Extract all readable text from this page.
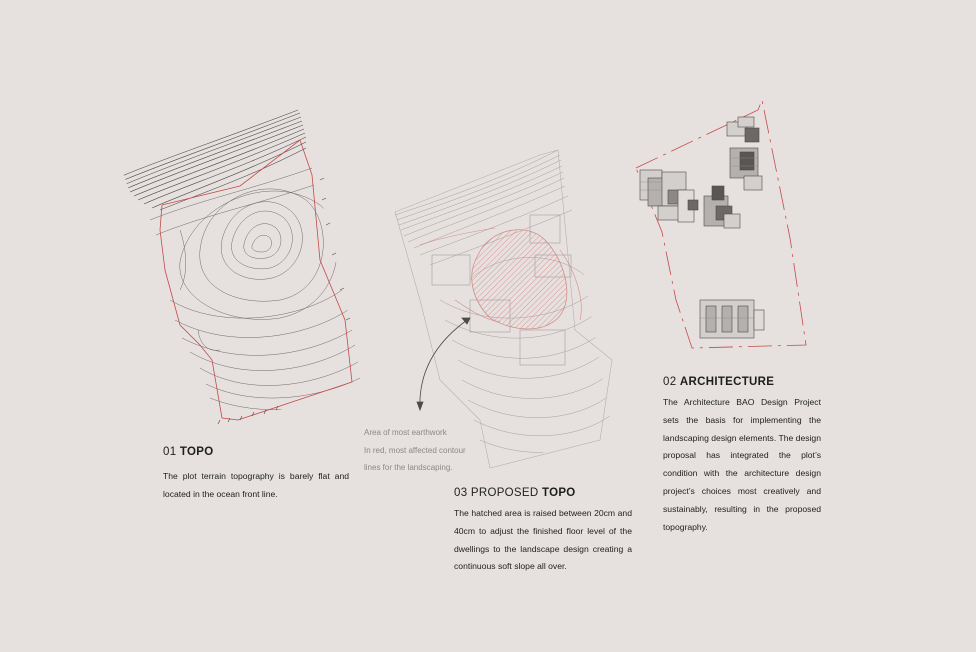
01 TOPO

The plot terrain topography is barely flat and located in the ocean front line.

Area of most earthwork

In red, most affected contour lines for the landscaping.

03 PROPOSED TOPO

The hatched area is raised between 20cm and 40cm to adjust the finished floor level of the dwellings to the landscape design creating a continuous soft slope all over.

02 ARCHITECTURE

The Architecture BAO Design Project sets the basis for implementing the landscaping design elements. The design proposal has integrated the plot’s condition with the architecture design project’s choices most creatively and sustainably, resulting in the proposed topography.
